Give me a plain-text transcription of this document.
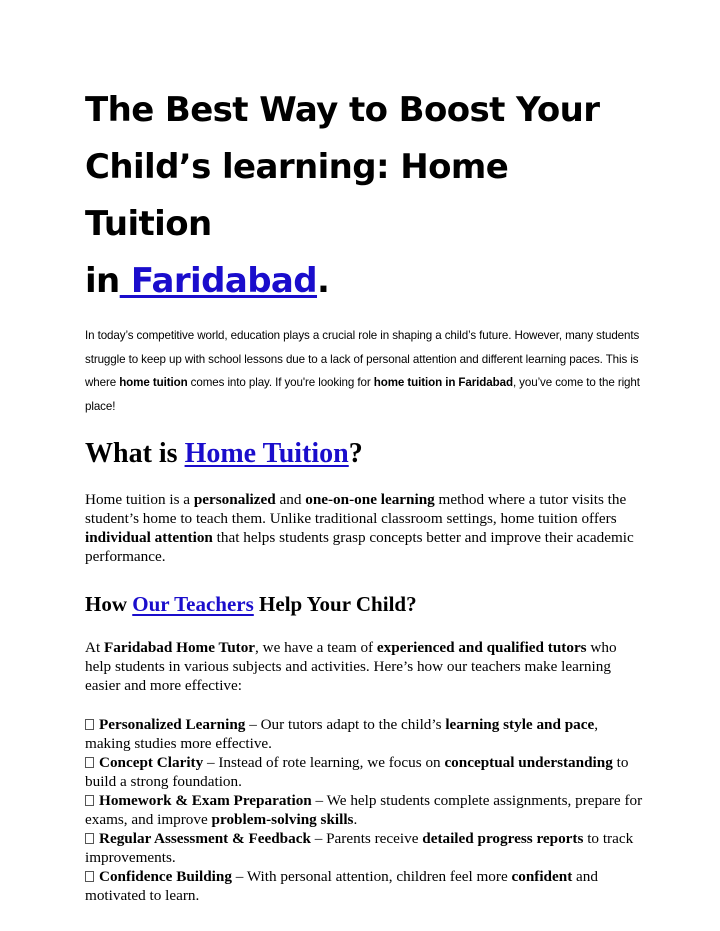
The Best Way to Boost Your
Child’s learning: Home Tuition
in Faridabad.

In today’s competitive world, education plays a crucial role in shaping a child’s future. However, many students struggle to keep up with school lessons due to a lack of personal attention and different learning paces. This is where home tuition comes into play. If you're looking for home tuition in Faridabad, you’ve come to the right place!

What is Home Tuition?

Home tuition is a personalized and one-on-one learning method where a tutor visits the student’s home to teach them. Unlike traditional classroom settings, home tuition offers individual attention that helps students grasp concepts better and improve their academic performance.

How Our Teachers Help Your Child?

At Faridabad Home Tutor, we have a team of experienced and qualified tutors who help students in various subjects and activities. Here’s how our teachers make learning easier and more effective:

Personalized Learning – Our tutors adapt to the child’s learning style and pace, making studies more effective.
Concept Clarity – Instead of rote learning, we focus on conceptual understanding to build a strong foundation.
Homework & Exam Preparation – We help students complete assignments, prepare for exams, and improve problem-solving skills.
Regular Assessment & Feedback – Parents receive detailed progress reports to track improvements.
Confidence Building – With personal attention, children feel more confident and motivated to learn.
